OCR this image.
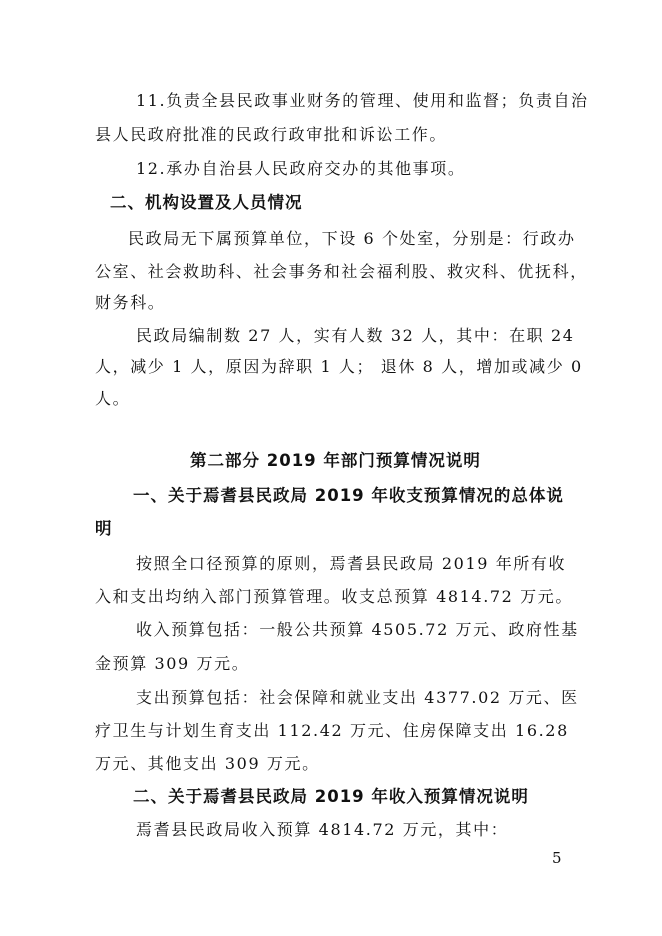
11.负责全县民政事业财务的管理、使用和监督；负责自治
县人民政府批准的民政行政审批和诉讼工作。
12.承办自治县人民政府交办的其他事项。
二、机构设置及人员情况
民政局无下属预算单位，下设 6 个处室，分别是：行政办
公室、社会救助科、社会事务和社会福利股、救灾科、优抚科，
财务科。
民政局编制数 27 人，实有人数 32 人，其中：在职 24
人，减少 1 人，原因为辞职 1 人； 退休 8 人，增加或减少 0
人。
第二部分 2019 年部门预算情况说明
一、关于焉耆县民政局 2019 年收支预算情况的总体说
明
按照全口径预算的原则，焉耆县民政局 2019 年所有收
入和支出均纳入部门预算管理。收支总预算 4814.72 万元。
收入预算包括：一般公共预算 4505.72 万元、政府性基
金预算 309 万元。
支出预算包括：社会保障和就业支出 4377.02 万元、医
疗卫生与计划生育支出 112.42 万元、住房保障支出 16.28
万元、其他支出 309 万元。
二、关于焉耆县民政局 2019 年收入预算情况说明
焉耆县民政局收入预算 4814.72 万元，其中：
5
